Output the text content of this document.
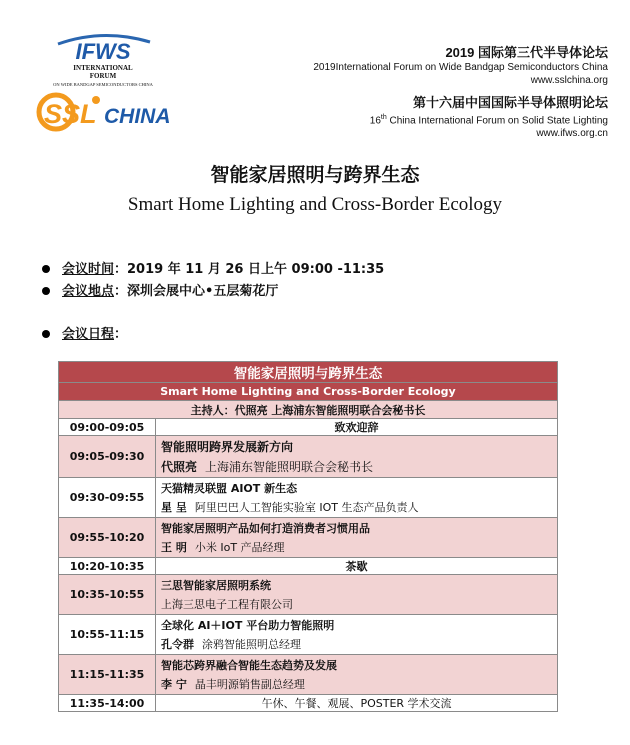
IFWS
INTERNATIONAL
FORUM
ON WIDE BANDGAP SEMICONDUCTORS CHINA
SSL CHINA
2019 国际第三代半导体论坛
2019International Forum on Wide Bandgap Semiconductors China
www.sslchina.org
第十六届中国国际半导体照明论坛
16th China International Forum on Solid State Lighting
www.ifws.org.cn
智能家居照明与跨界生态
Smart Home Lighting and Cross-Border Ecology
会议时间：2019 年 11 月 26 日上午 09:00 -11:35
会议地点：深圳会展中心•五层菊花厅
会议日程：
智能家居照明与跨界生态	
Smart Home Lighting and Cross-Border Ecology	
主持人：代照亮 上海浦东智能照明联合会秘书长	
09:00-09:05	致欢迎辞
09:05-09:30	智能照明跨界发展新方向
代照亮 上海浦东智能照明联合会秘书长

09:30-09:55	天猫精灵联盟 AIOT 新生态
星 呈 阿里巴巴人工智能实验室 IOT 生态产品负责人

09:55-10:20	智能家居照明产品如何打造消费者习惯用品
王 明 小米 IoT 产品经理

10:20-10:35	茶歇
10:35-10:55	三思智能家居照明系统
上海三思电子工程有限公司

10:55-11:15	全球化 AI＋IOT 平台助力智能照明
孔令群 涂鸦智能照明总经理

11:15-11:35	智能芯跨界融合智能生态趋势及发展
李 宁 晶丰明源销售副总经理

11:35-14:00	午休、午餐、观展、POSTER 学术交流
